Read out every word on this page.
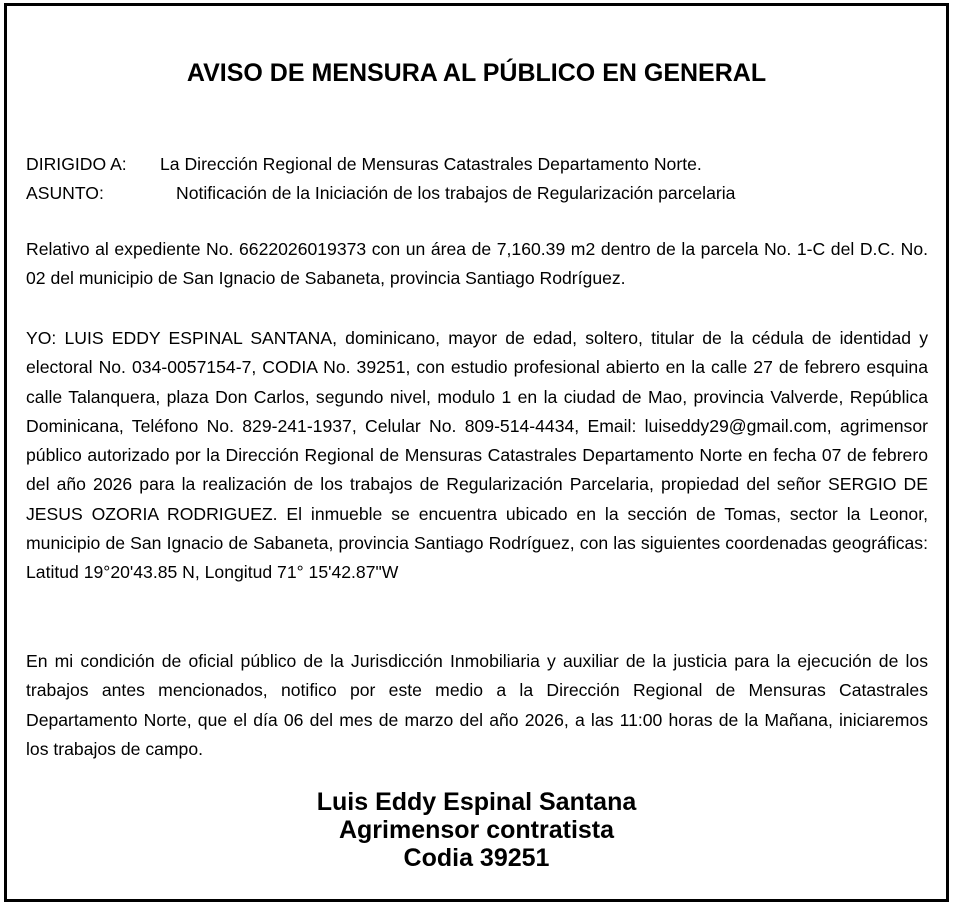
AVISO DE MENSURA AL PÚBLICO EN GENERAL
DIRIGIDO A: La Dirección Regional de Mensuras Catastrales Departamento Norte.
ASUNTO:	Notificación de la Iniciación de los trabajos de Regularización parcelaria

Relativo al expediente No. 6622026019373 con un área de 7,160.39 m2 dentro de la parcela No. 1-C del D.C. No. 02 del municipio de San Ignacio de Sabaneta, provincia Santiago Rodríguez.

YO: LUIS EDDY ESPINAL SANTANA, dominicano, mayor de edad, soltero, titular de la cédula de identidad y electoral No. 034-0057154-7, CODIA No. 39251, con estudio profesional abierto en la calle 27 de febrero esquina calle Talanquera, plaza Don Carlos, segundo nivel, modulo 1 en la ciudad de Mao, provincia Valverde, República Dominicana, Teléfono No. 829-241-1937, Celular No. 809-514-4434, Email: luiseddy29@gmail.com, agrimensor público autorizado por la Dirección Regional de Mensuras Catastrales Departamento Norte en fecha 07 de febrero del año 2026 para la realización de los trabajos de Regularización Parcelaria, propiedad del señor SERGIO DE JESUS OZORIA RODRIGUEZ. El inmueble se encuentra ubicado en la sección de Tomas, sector la Leonor, municipio de San Ignacio de Sabaneta, provincia Santiago Rodríguez, con las siguientes coordenadas geográficas: Latitud 19°20'43.85 N, Longitud 71° 15'42.87"W

En mi condición de oficial público de la Jurisdicción Inmobiliaria y auxiliar de la justicia para la ejecución de los trabajos antes mencionados, notifico por este medio a la Dirección Regional de Mensuras Catastrales Departamento Norte, que el día 06 del mes de marzo del año 2026, a las 11:00 horas de la Mañana, iniciaremos los trabajos de campo.

Luis Eddy Espinal Santana
Agrimensor contratista
Codia 39251
